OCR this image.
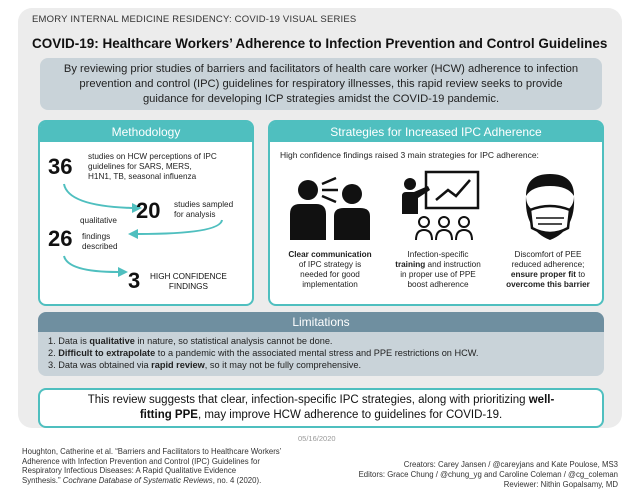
EMORY INTERNAL MEDICINE RESIDENCY: COVID-19 VISUAL SERIES
COVID-19: Healthcare Workers’ Adherence to Infection Prevention and Control Guidelines
By reviewing prior studies of barriers and facilitators of health care worker (HCW) adherence to infection
prevention and control (IPC) guidelines for respiratory illnesses, this rapid review seeks to provide
guidance for developing ICP strategies amidst the COVID-19 pandemic.
Methodology
36 studies on HCW perceptions of IPC
guidelines for SARS, MERS,
H1N1, TB, seasonal influenza
20 studies sampled
for analysis
qualitative
26 findings
described
3 HIGH CONFIDENCE
FINDINGS
Strategies for Increased IPC Adherence
High confidence findings raised 3 main strategies for IPC adherence:
Clear communication
of IPC strategy is
needed for good
implementation
Infection-specific
training and instruction
in proper use of PPE
boost adherence
Discomfort of PEE
reduced adherence;
ensure proper fit to
overcome this barrier
Limitations
1. Data is qualitative in nature, so statistical analysis cannot be done.
2. Difficult to extrapolate to a pandemic with the associated mental stress and PPE restrictions on HCW.
3. Data was obtained via rapid review, so it may not be fully comprehensive.
This review suggests that clear, infection-specific IPC strategies, along with prioritizing well-fitting PPE, may improve HCW adherence to guidelines for COVID-19.
05/16/2020
Houghton, Catherine et al. “Barriers and Facilitators to Healthcare Workers’
Adherence with Infection Prevention and Control (IPC) Guidelines for
Respiratory Infectious Diseases: A Rapid Qualitative Evidence
Synthesis.” Cochrane Database of Systematic Reviews, no. 4 (2020).
Creators: Carey Jansen / @careyjans and Kate Poulose, MS3
Editors: Grace Chung / @chung_yg and Caroline Coleman / @cg_coleman
Reviewer: Nithin Gopalsamy, MD
